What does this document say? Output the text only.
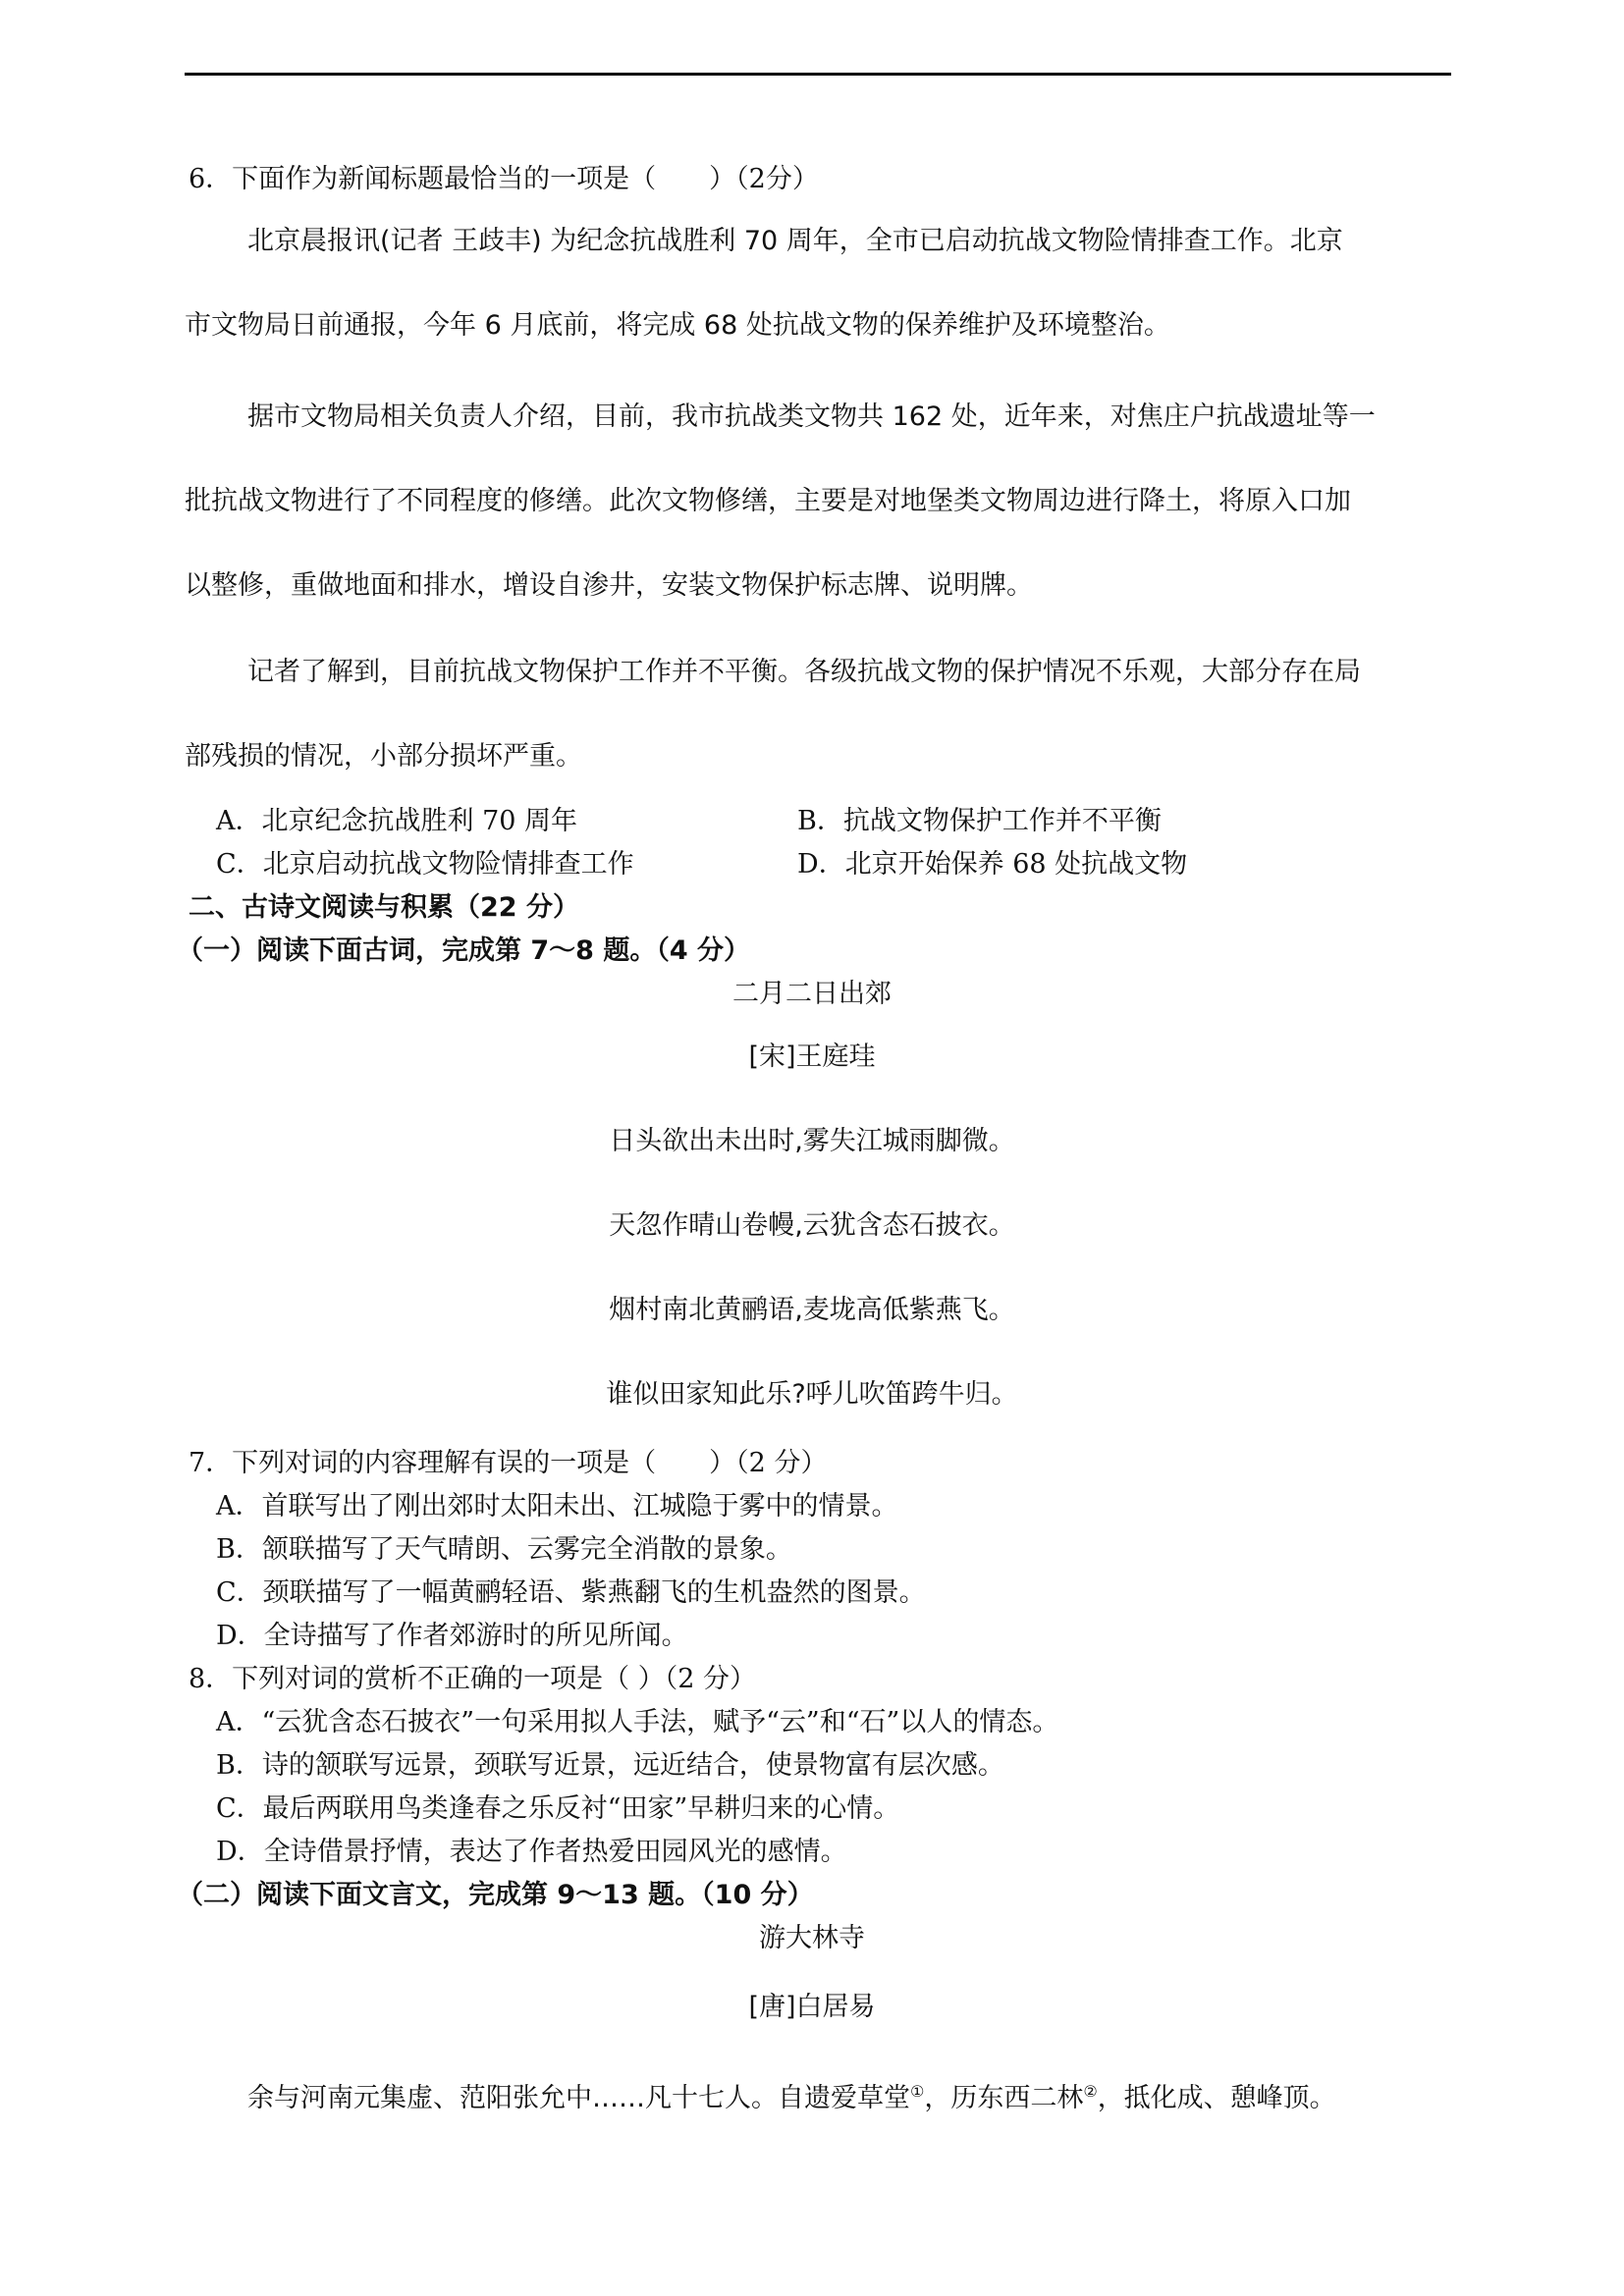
6．下面作为新闻标题最恰当的一项是（　　）（2分）
北京晨报讯(记者 王歧丰) 为纪念抗战胜利 70 周年，全市已启动抗战文物险情排查工作。北京
市文物局日前通报，今年 6 月底前，将完成 68 处抗战文物的保养维护及环境整治。
据市文物局相关负责人介绍，目前，我市抗战类文物共 162 处，近年来，对焦庄户抗战遗址等一
批抗战文物进行了不同程度的修缮。此次文物修缮，主要是对地堡类文物周边进行降土，将原入口加
以整修，重做地面和排水，增设自渗井，安装文物保护标志牌、说明牌。
记者了解到，目前抗战文物保护工作并不平衡。各级抗战文物的保护情况不乐观，大部分存在局
部残损的情况，小部分损坏严重。
A．北京纪念抗战胜利 70 周年	B．抗战文物保护工作并不平衡
C．北京启动抗战文物险情排查工作	D．北京开始保养 68 处抗战文物
二、古诗文阅读与积累（22 分）
（一）阅读下面古词，完成第 7～8 题。（4 分）
二月二日出郊
[宋]王庭珪
日头欲出未出时,雾失江城雨脚微。
天忽作晴山卷幔,云犹含态石披衣。
烟村南北黄鹂语,麦垅高低紫燕飞。
谁似田家知此乐?呼儿吹笛跨牛归。
7．下列对词的内容理解有误的一项是（　　）（2 分）
A．首联写出了刚出郊时太阳未出、江城隐于雾中的情景。
B．颔联描写了天气晴朗、云雾完全消散的景象。
C．颈联描写了一幅黄鹂轻语、紫燕翻飞的生机盎然的图景。
D．全诗描写了作者郊游时的所见所闻。
8．下列对词的赏析不正确的一项是（ ）（2 分）
A．“云犹含态石披衣”一句采用拟人手法，赋予“云”和“石”以人的情态。
B．诗的颔联写远景，颈联写近景，远近结合，使景物富有层次感。
C．最后两联用鸟类逢春之乐反衬“田家”早耕归来的心情。
D．全诗借景抒情，表达了作者热爱田园风光的感情。
（二）阅读下面文言文，完成第 9～13 题。（10 分）
游大林寺
[唐]白居易
余与河南元集虚、范阳张允中……凡十七人。自遗爱草堂①，历东西二林②，抵化成、憩峰顶。
